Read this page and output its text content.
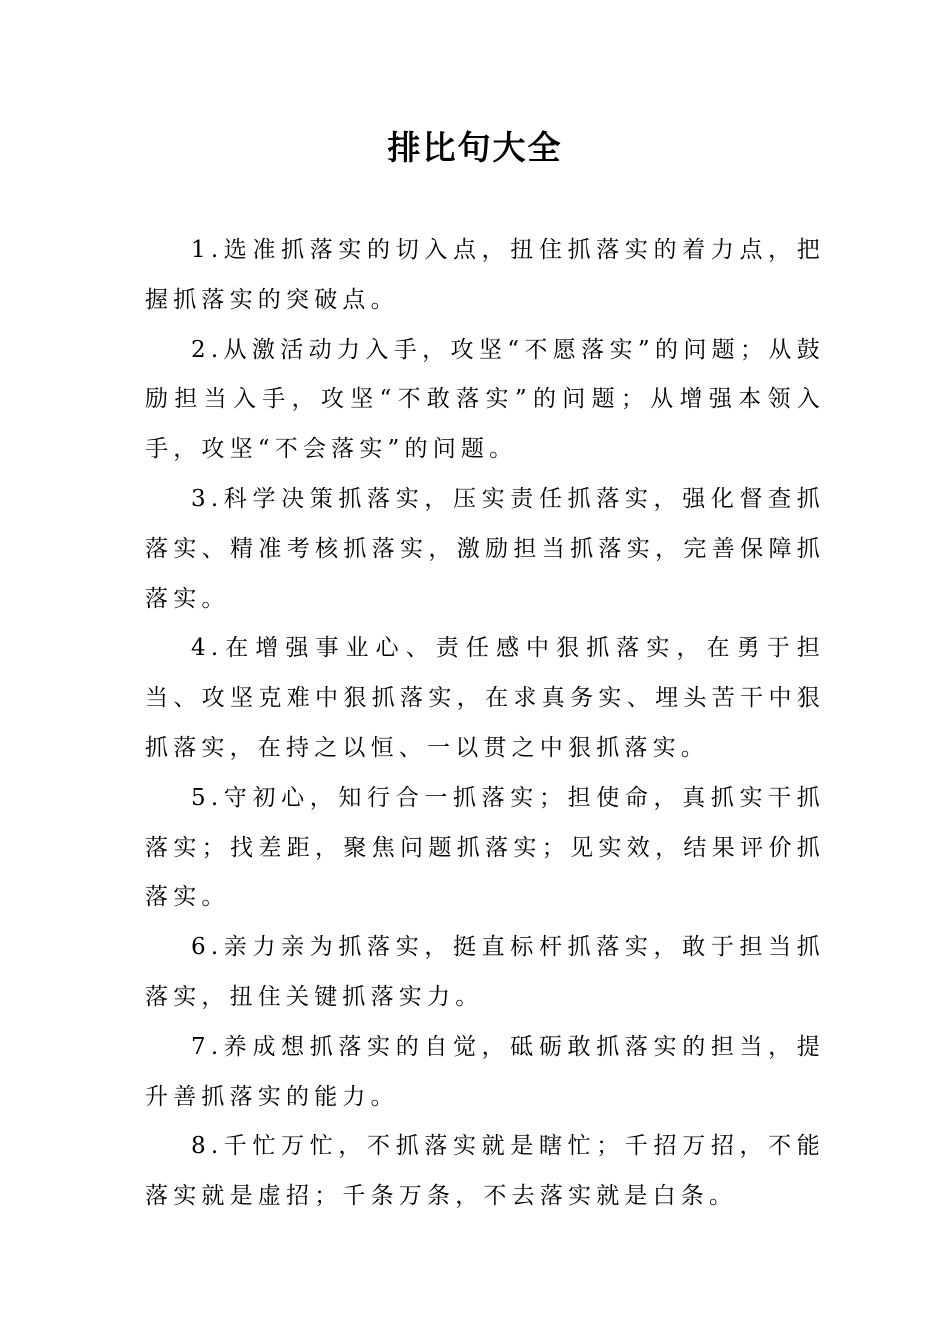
排比句大全

1.选准抓落实的切入点，扭住抓落实的着力点，把握抓落实的突破点。

2.从激活动力入手，攻坚“不愿落实”的问题；从鼓励担当入手，攻坚“不敢落实”的问题；从增强本领入手，攻坚“不会落实”的问题。

3.科学决策抓落实，压实责任抓落实，强化督查抓落实、精准考核抓落实，激励担当抓落实，完善保障抓落实。

4.在增强事业心、责任感中狠抓落实，在勇于担当、攻坚克难中狠抓落实，在求真务实、埋头苦干中狠抓落实，在持之以恒、一以贯之中狠抓落实。

5.守初心，知行合一抓落实；担使命，真抓实干抓落实；找差距，聚焦问题抓落实；见实效，结果评价抓落实。

6.亲力亲为抓落实，挺直标杆抓落实，敢于担当抓落实，扭住关键抓落实力。

7.养成想抓落实的自觉，砥砺敢抓落实的担当，提升善抓落实的能力。

8.千忙万忙，不抓落实就是瞎忙；千招万招，不能落实就是虚招；千条万条，不去落实就是白条。
